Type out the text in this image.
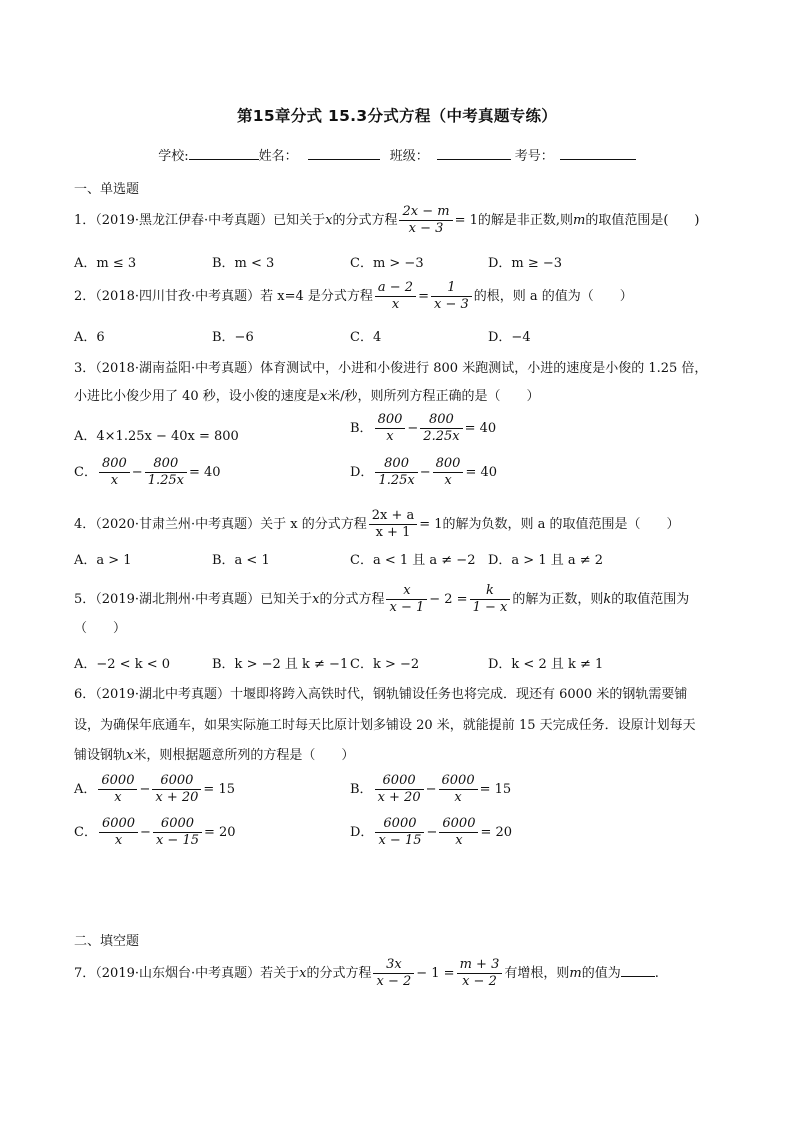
第15章分式 15.3分式方程（中考真题专练）
学校:	姓名：	班级：	考号：
一、单选题
1．（2019·黑龙江伊春·中考真题）已知关于x的分式方程 $\frac{2x - m}{x - 3} = 1$的解是非正数,则m的取值范围是(　　)
A．m ≤ 3	B．m < 3	C．m > −3	D．m ≥ −3
2．（2018·四川甘孜·中考真题）若 x=4 是分式方程 $\frac{a - 2}{x} = \frac{1}{x - 3}$ 的根，则 a 的值为（　　）
A．6	B．−6	C．4	D．−4
3．（2018·湖南益阳·中考真题）体育测试中，小进和小俊进行 800 米跑测试，小进的速度是小俊的 1.25 倍，
小进比小俊少用了 40 秒，设小俊的速度是x米/秒，则所列方程正确的是（　　）
A．4×1.25x − 40x = 800
B． $\frac{800}{x} - \frac{800}{2.25x} = 40$
C． $\frac{800}{x} - \frac{800}{1.25x} = 40$	D． $\frac{800}{1.25x} - \frac{800}{x} = 40$
4．（2020·甘肃兰州·中考真题）关于 x 的分式方程 $\frac{2x + a}{x + 1} = 1$的解为负数，则 a 的取值范围是（　　）
A．a > 1	B．a < 1	C．a < 1 且 a ≠ −2 D．a > 1 且 a ≠ 2
5．（2019·湖北荆州·中考真题）已知关于x的分式方程 $\frac{x}{x - 1} - 2 = \frac{k}{1 - x}$ 的解为正数，则k的取值范围为
（　　）
A．−2 < k < 0	B．k > −2 且 k ≠ −1 C．k > −2	D．k < 2 且 k ≠ 1
6．（2019·湖北中考真题）十堰即将跨入高铁时代，钢轨铺设任务也将完成．现还有 6000 米的钢轨需要铺
设，为确保年底通车，如果实际施工时每天比原计划多铺设 20 米，就能提前 15 天完成任务．设原计划每天
铺设钢轨x米，则根据题意所列的方程是（　　）
A． $\frac{6000}{x} - \frac{6000}{x + 20} = 15$	B． $\frac{6000}{x + 20} - \frac{6000}{x} = 15$
C． $\frac{6000}{x} - \frac{6000}{x - 15} = 20$	D． $\frac{6000}{x - 15} - \frac{6000}{x} = 20$
二、填空题
7．（2019·山东烟台·中考真题）若关于x的分式方程 $\frac{3x}{x - 2} - 1 = \frac{m + 3}{x - 2}$ 有增根，则m的值为	.
